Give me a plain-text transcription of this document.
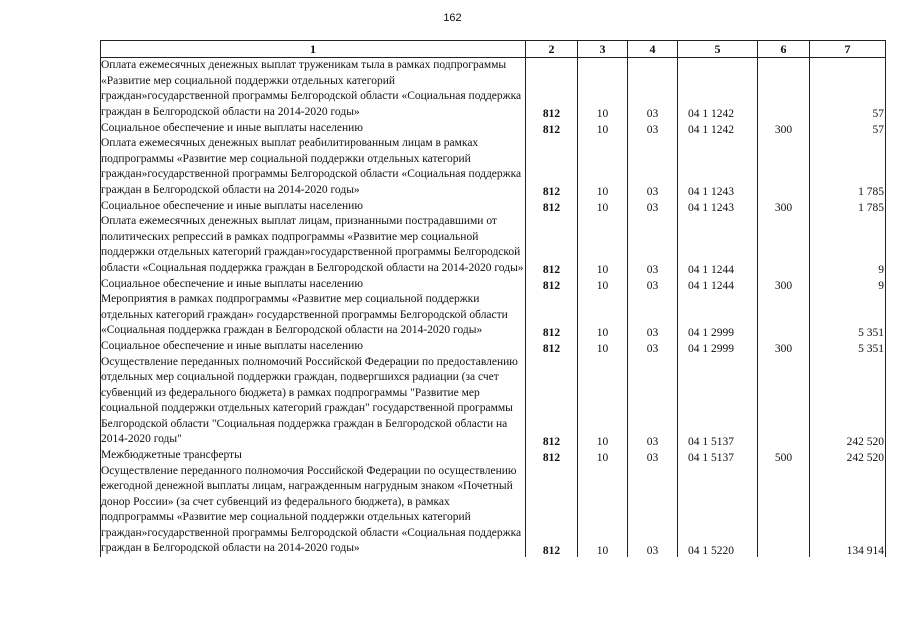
162
1	2	3	4	5	6	7
Оплата ежемесячных денежных выплат труженикам тыла в рамках подпрограммы «Развитие мер социальной поддержки отдельных категорий граждан»государственной программы Белгородской области «Социальная поддержка граждан в Белгородской области на 2014-2020 годы»	812	10	03	04 1 1242		57
Социальное обеспечение и иные выплаты населению	812	10	03	04 1 1242	300	57
Оплата ежемесячных денежных выплат реабилитированным лицам в рамках подпрограммы «Развитие мер социальной поддержки отдельных категорий граждан»государственной программы Белгородской области «Социальная поддержка граждан в Белгородской области на 2014-2020 годы»	812	10	03	04 1 1243		1 785
Социальное обеспечение и иные выплаты населению	812	10	03	04 1 1243	300	1 785
Оплата ежемесячных денежных выплат лицам, признанными пострадавшими от политических репрессий в рамках подпрограммы «Развитие мер социальной поддержки отдельных категорий граждан»государственной программы Белгородской области «Социальная поддержка граждан в Белгородской области на 2014-2020 годы»	812	10	03	04 1 1244		9
Социальное обеспечение и иные выплаты населению	812	10	03	04 1 1244	300	9
Мероприятия в рамках подпрограммы «Развитие мер социальной поддержки отдельных категорий граждан» государственной программы Белгородской области «Социальная поддержка граждан в Белгородской области на 2014-2020 годы»	812	10	03	04 1 2999		5 351
Социальное обеспечение и иные выплаты населению	812	10	03	04 1 2999	300	5 351
Осуществление переданных полномочий Российской Федерации по предоставлению отдельных мер социальной поддержки граждан, подвергшихся радиации (за счет субвенций из федерального бюджета) в рамках подпрограммы "Развитие мер социальной поддержки отдельных категорий граждан" государственной программы Белгородской области "Социальная поддержка граждан в Белгородской области на 2014-2020 годы"	812	10	03	04 1 5137		242 520
Межбюджетные трансферты	812	10	03	04 1 5137	500	242 520
Осуществление переданного полномочия Российской Федерации по осуществлению ежегодной денежной выплаты лицам, награжденным нагрудным знаком «Почетный донор России» (за счет субвенций из федерального бюджета), в рамках подпрограммы «Развитие мер социальной поддержки отдельных категорий граждан»государственной программы Белгородской области «Социальная поддержка граждан в Белгородской области на 2014-2020 годы»	812	10	03	04 1 5220		134 914
